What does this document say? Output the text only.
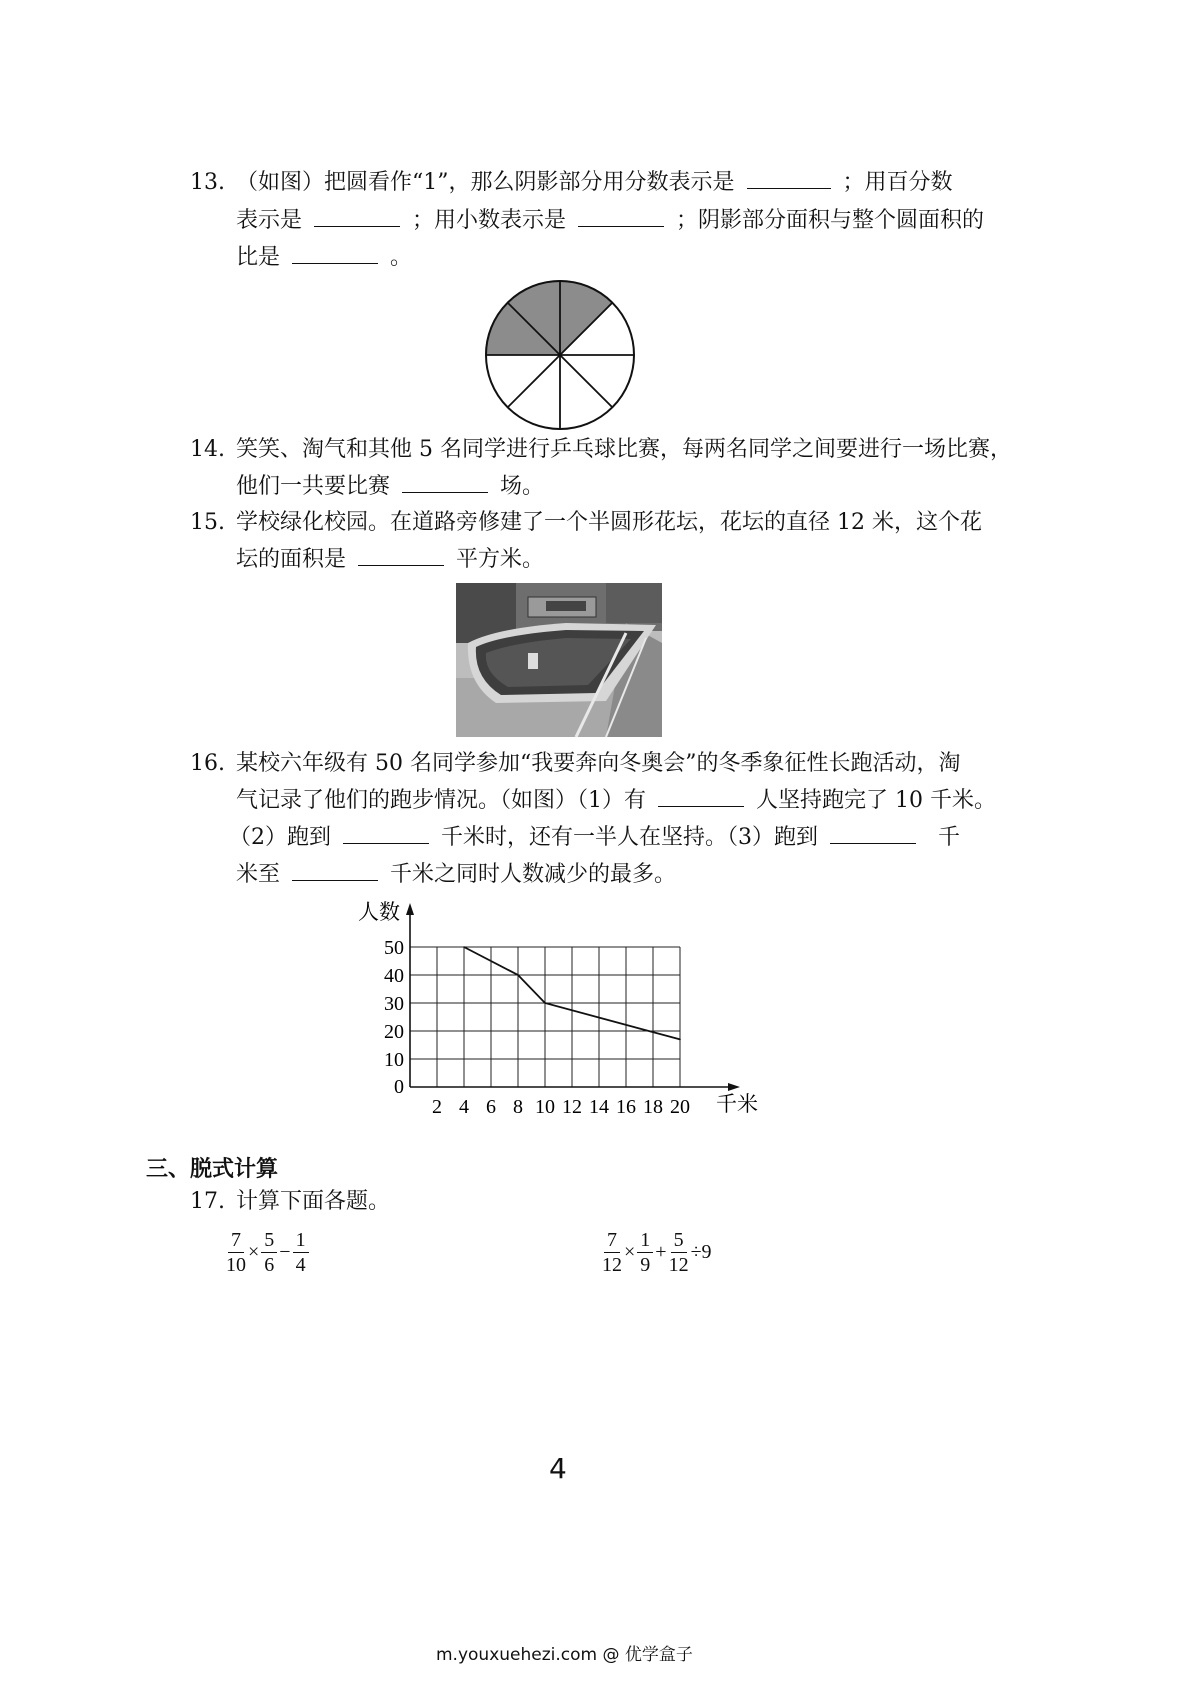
13. （如图）把圆看作“1”，那么阴影部分用分数表示是	；用百分数
表示是	；用小数表示是	；阴影部分面积与整个圆面积的
比是	。
14. 笑笑、淘气和其他 5 名同学进行乒乓球比赛，每两名同学之间要进行一场比赛，
他们一共要比赛	场。
15. 学校绿化校园。在道路旁修建了一个半圆形花坛，花坛的直径 12 米，这个花
坛的面积是	平方米。
16. 某校六年级有 50 名同学参加“我要奔向冬奥会”的冬季象征性长跑活动，淘
气记录了他们的跑步情况。（如图）（1）有	人坚持跑完了 10 千米。
（2）跑到	千米时，还有一半人在坚持。（3）跑到	千
米至	千米之同时人数减少的最多。
2 4 6 8 10 12 14 16 18 20
50
40
30
20
10
0
人数
千米
三、脱式计算
17. 计算下面各题。
$\frac{7}{10} \times \frac{5}{6} - \frac{1}{4}$	$\frac{7}{12} \times \frac{1}{9} + \frac{5}{12} \div 9$
4
m.youxuehezi.com @ 优学盒子
